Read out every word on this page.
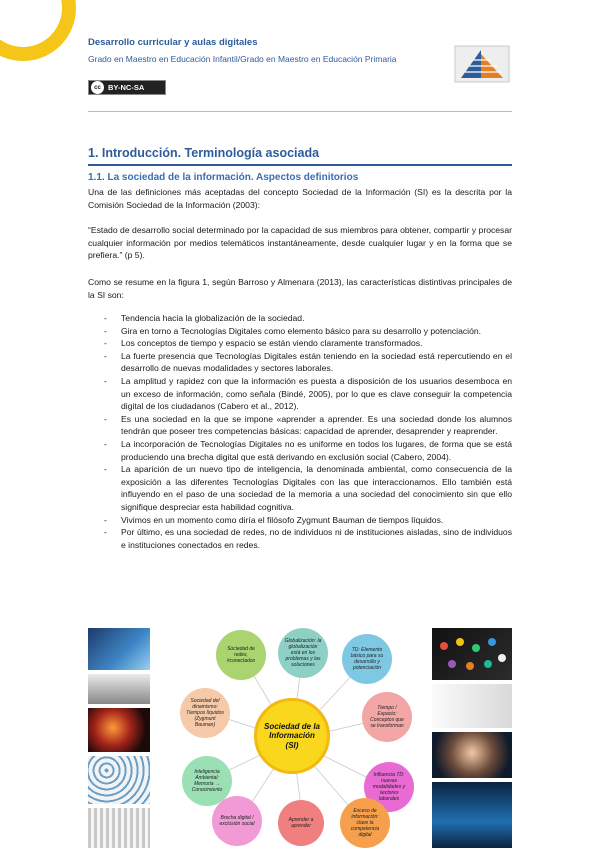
Desarrollo curricular y aulas digitales
Grado en Maestro en Educación Infantil/Grado en Maestro en Educación Primaria
cc BY-NC-SA
1. Introducción. Terminología asociada
1.1. La sociedad de la información. Aspectos definitorios
Una de las definiciones más aceptadas del concepto Sociedad de la Información (SI) es la descrita por la Comisión Sociedad de la Información (2003):
“Estado de desarrollo social determinado por la capacidad de sus miembros para obtener, compartir y procesar cualquier información por medios telemáticos instantáneamente, desde cualquier lugar y en la forma que se prefiera.” (p 5).
Como se resume en la figura 1, según Barroso y Almenara (2013), las características distintivas principales de la SI son:
- Tendencia hacia la globalización de la sociedad.
- Gira en torno a Tecnologías Digitales como elemento básico para su desarrollo y potenciación.
- Los conceptos de tiempo y espacio se están viendo claramente transformados.
- La fuerte presencia que Tecnologías Digitales están teniendo en la sociedad está repercutiendo en el desarrollo de nuevas modalidades y sectores laborales.
- La amplitud y rapidez con que la información es puesta a disposición de los usuarios desemboca en un exceso de información, como señala (Bindé, 2005), por lo que es clave conseguir la competencia digital de los ciudadanos (Cabero et al., 2012).
- Es una sociedad en la que se impone «aprender a aprender. Es una sociedad donde los alumnos tendrán que poseer tres competencias básicas: capacidad de aprender, desaprender y reaprender.
- La incorporación de Tecnologías Digitales no es uniforme en todos los lugares, de forma que se está produciendo una brecha digital que está derivando en exclusión social (Cabero, 2004).
- La aparición de un nuevo tipo de inteligencia, la denominada ambiental, como consecuencia de la exposición a las diferentes Tecnologías Digitales con las que interaccionamos. Ello también está influyendo en el paso de una sociedad de la memoria a una sociedad del conocimiento sin que ello signifique despreciar esta habilidad cognitiva.
- Vivimos en un momento como diría el filósofo Zygmunt Bauman de tiempos líquidos.
- Por último, es una sociedad de redes, no de individuos ni de instituciones aisladas, sino de individuos e instituciones conectados en redes.
Sociedad de la Información (SI)
Sociedad de redes, #conectados
Globalización: la globalización está en los problemas y las soluciones
TD: Elemento básico para su desarrollo y potenciación
Sociedad del dinamismo: Tiempos líquidos (Zygmunt Bauman)
Tiempo / Espacio: Conceptos que se transforman
Inteligencia Ambiental: Memoria → Conocimiento
Influencia TD: nuevas modalidades y sectores laborales
Brecha digital / exclusión social
Aprender a aprender
Exceso de información: clave la competencia digital
